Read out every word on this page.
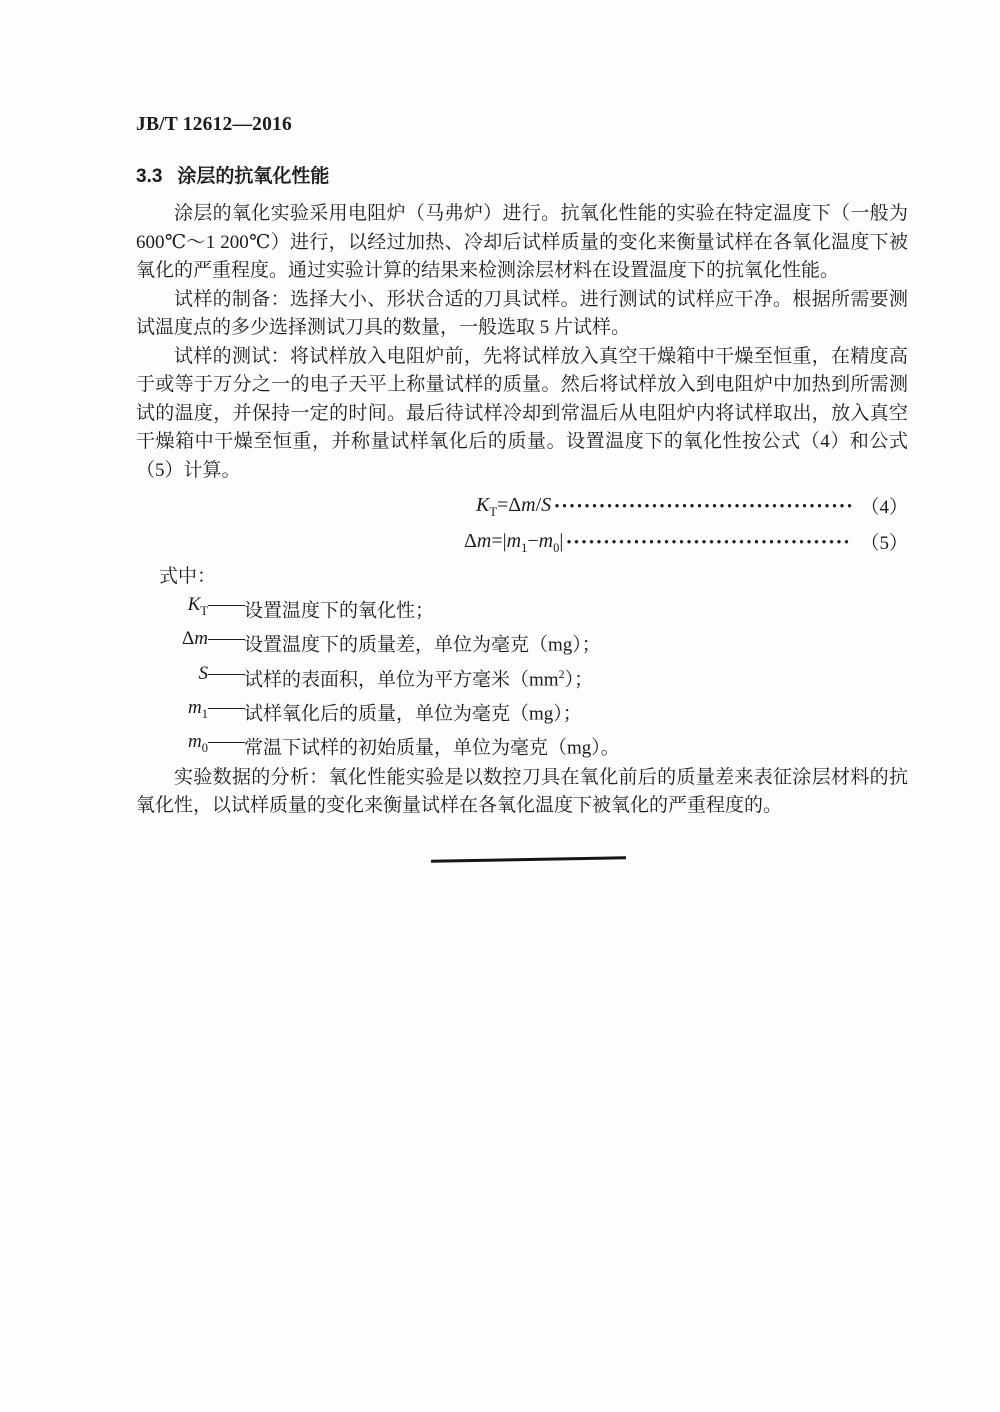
JB/T 12612—2016
3.3 涂层的抗氧化性能

涂层的氧化实验采用电阻炉（马弗炉）进行。抗氧化性能的实验在特定温度下（一般为 600℃～1 200℃）进行，以经过加热、冷却后试样质量的变化来衡量试样在各氧化温度下被氧化的严重程度。通过实验计算的结果来检测涂层材料在设置温度下的抗氧化性能。

试样的制备：选择大小、形状合适的刀具试样。进行测试的试样应干净。根据所需要测试温度点的多少选择测试刀具的数量，一般选取 5 片试样。

试样的测试：将试样放入电阻炉前，先将试样放入真空干燥箱中干燥至恒重，在精度高于或等于万分之一的电子天平上称量试样的质量。然后将试样放入到电阻炉中加热到所需测试的温度，并保持一定的时间。最后待试样冷却到常温后从电阻炉内将试样取出，放入真空干燥箱中干燥至恒重，并称量试样氧化后的质量。设置温度下的氧化性按公式（4）和公式（5）计算。

$K_T=\Delta m/S$	（4）
$\Delta m=|m_1-m_0|$	（5）
式中：
$K_T$ —— 设置温度下的氧化性；
Δm —— 设置温度下的质量差，单位为毫克（mg）；
S —— 试样的表面积，单位为平方毫米$(mm^2)$；
$m_1$ —— 试样氧化后的质量，单位为毫克（mg）；
$m_0$ —— 常温下试样的初始质量，单位为毫克（mg）。

实验数据的分析：氧化性能实验是以数控刀具在氧化前后的质量差来表征涂层材料的抗氧化性，以试样质量的变化来衡量试样在各氧化温度下被氧化的严重程度的。
